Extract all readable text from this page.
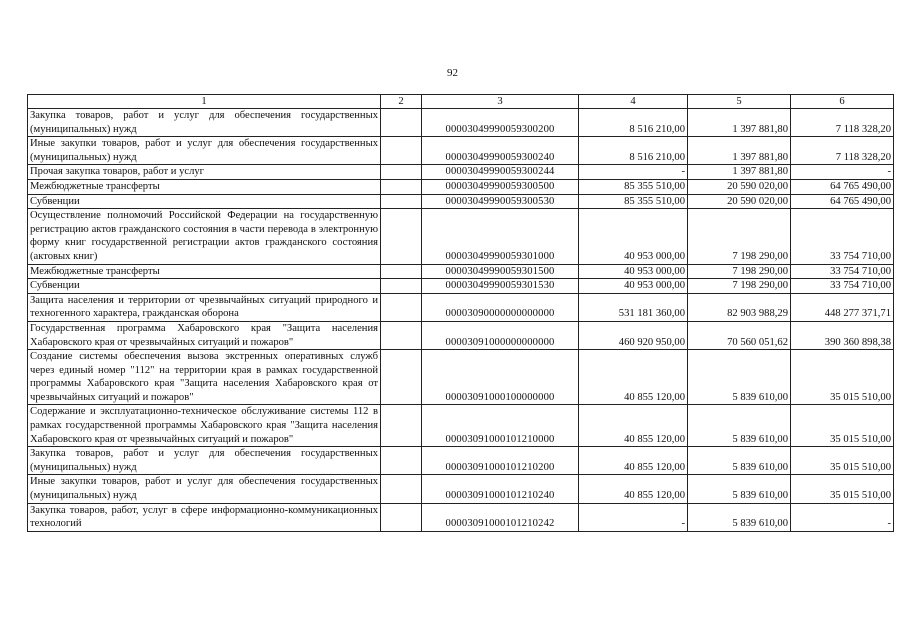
92
1	2	3	4	5	6
Закупка товаров, работ и услуг для обеспечения государственных (муниципальных) нужд		00003049990059300200	8 516 210,00	1 397 881,80	7 118 328,20
Иные закупки товаров, работ и услуг для обеспечения государственных (муниципальных) нужд		00003049990059300240	8 516 210,00	1 397 881,80	7 118 328,20
Прочая закупка товаров, работ и услуг		00003049990059300244	-	1 397 881,80	-
Межбюджетные трансферты		00003049990059300500	85 355 510,00	20 590 020,00	64 765 490,00
Субвенции		00003049990059300530	85 355 510,00	20 590 020,00	64 765 490,00
Осуществление полномочий Российской Федерации на государственную регистрацию актов гражданского состояния в части перевода в электронную форму книг государственной регистрации актов гражданского состояния (актовых книг)		00003049990059301000	40 953 000,00	7 198 290,00	33 754 710,00
Межбюджетные трансферты		00003049990059301500	40 953 000,00	7 198 290,00	33 754 710,00
Субвенции		00003049990059301530	40 953 000,00	7 198 290,00	33 754 710,00
Защита населения и территории от чрезвычайных ситуаций природного и техногенного характера, гражданская оборона		00003090000000000000	531 181 360,00	82 903 988,29	448 277 371,71
Государственная программа Хабаровского края "Защита населения Хабаровского края от чрезвычайных ситуаций и пожаров"		00003091000000000000	460 920 950,00	70 560 051,62	390 360 898,38
Создание системы обеспечения вызова экстренных оперативных служб через единый номер "112" на территории края в рамках государственной программы Хабаровского края "Защита населения Хабаровского края от чрезвычайных ситуаций и пожаров"		00003091000100000000	40 855 120,00	5 839 610,00	35 015 510,00
Содержание и эксплуатационно-техническое обслуживание системы 112 в рамках государственной программы Хабаровского края "Защита населения Хабаровского края от чрезвычайных ситуаций и пожаров"		00003091000101210000	40 855 120,00	5 839 610,00	35 015 510,00
Закупка товаров, работ и услуг для обеспечения государственных (муниципальных) нужд		00003091000101210200	40 855 120,00	5 839 610,00	35 015 510,00
Иные закупки товаров, работ и услуг для обеспечения государственных (муниципальных) нужд		00003091000101210240	40 855 120,00	5 839 610,00	35 015 510,00
Закупка товаров, работ, услуг в сфере информационно-коммуникационных технологий		00003091000101210242	-	5 839 610,00	-
